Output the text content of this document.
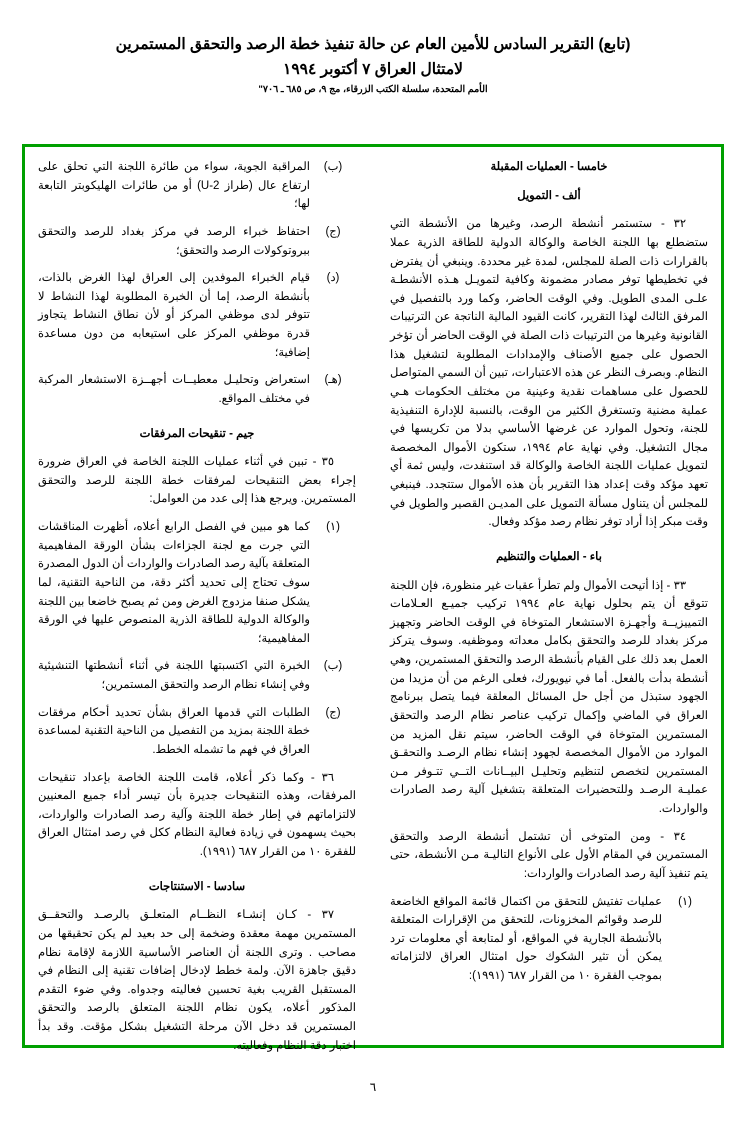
(تابع) التقرير السادس للأمين العام عن حالة تنفيذ خطة الرصد والتحقق المستمرين
لامتثال العراق ٧ أكتوبر ١٩٩٤
الأمم المتحدة، سلسلة الكتب الزرقاء، مج ٩، ص ٦٨٥ ـ ٧٠٦"
خامسا - العمليات المقبلة
ألف - التمويل

٣٢ - ستستمر أنشطة الرصد، وغيرها من الأنشطة التي ستضطلع بها اللجنة الخاصة والوكالة الدولية للطاقة الذرية عملا بالقرارات ذات الصلة للمجلس، لمدة غير محددة. وينبغي أن يفترض في تخطيطها توفر مصادر مضمونة وكافية لتمويـل هـذه الأنشطـة علـى المدى الطويل. وفي الوقت الحاضر، وكما ورد بالتفصيل في المرفق الثالث لهذا التقرير، كانت القيود المالية الناتجة عن الترتيبات القانونية وغيرها من الترتيبات ذات الصلة في الوقت الحاضر أن تؤخر الحصول على جميع الأصناف والإمدادات المطلوبة لتشغيل هذا النظام. وبصرف النظر عن هذه الاعتبارات، تبين أن السمي المتواصل للحصول على مساهمات نقدية وعينية من مختلف الحكومات هـي عملية مضنية وتستغرق الكثير من الوقت، بالنسبة للإدارة التنفيذية للجنة، وتحول الموارد عن غرضها الأساسي بدلا من تكريسها في مجال التشغيل. وفي نهاية عام ١٩٩٤، ستكون الأموال المخصصة لتمويل عمليات اللجنة الخاصة والوكالة قد استنفدت، وليس ثمة أي تعهد مؤكد وقت إعداد هذا التقرير بأن هذه الأموال ستتجدد. فينبغي للمجلس أن يتناول مسألة التمويل على المديـن القصير والطويل في وقت مبكر إذا أراد توفر نظام رصد مؤكد وفعال.

باء - العمليات والتنظيم

٣٣ - إذا أتيحت الأموال ولم تطرأ عقبات غير منظورة، فإن اللجنة تتوقع أن يتم بحلول نهاية عام ١٩٩٤ تركيب جميـع العـلامات التمييزيــة وأجهـزة الاستشعار المتوخاة في الوقت الحاضر وتجهيز مركز بغداد للرصد والتحقق بكامل معداته وموظفيه. وسوف يتركز العمل بعد ذلك على القيام بأنشطة الرصد والتحقق المستمرين، وهي أنشطة بدأت بالفعل. أما في نيويورك، فعلى الرغم من أن مزيدا من الجهود ستبذل من أجل حل المسائل المعلقة فيما يتصل ببرنامج العراق في الماضي وإكمال تركيب عناصر نظام الرصد والتحقق المستمرين المتوخاة في الوقت الحاضر، سيتم نقل المزيد من الموارد من الأموال المخصصة لجهود إنشاء نظام الرصـد والتحقـق المستمرين لتخصص لتنظيم وتحليـل البيــانات التــي تتـوفر مـن عمليـة الرصـد وللتحضيرات المتعلقة بتشغيل آلية رصد الصادرات والواردات.

٣٤ - ومن المتوخى أن تشتمل أنشطة الرصد والتحقق المستمرين في المقام الأول على الأنواع التاليـة مـن الأنشطة، حتى يتم تنفيذ آلية رصد الصادرات والواردات:

(١)
عمليات تفتيش للتحقق من اكتمال قائمة المواقع الخاضعة للرصد وقوائم المخزونات، للتحقق من الإقرارات المتعلقة بالأنشطة الجارية في المواقع، أو لمتابعة أي معلومات ترد يمكن أن تثير الشكوك حول امتثال العراق لالتزاماته بموجب الفقرة ١٠ من القرار ٦٨٧ (١٩٩١):
(ب)
المراقبة الجوية، سواء من طائرة اللجنة التي تحلق على ارتفاع عال (طراز U-2) أو من طائرات الهليكوبتر التابعة لها؛
(ج)
احتفاظ خبراء الرصد في مركز بغداد للرصد والتحقق ببروتوكولات الرصد والتحقق؛
(د)
قيام الخبراء الموفدين إلى العراق لهذا الغرض بالذات، بأنشطة الرصد، إما أن الخبرة المطلوبة لهذا النشاط لا تتوفر لدى موظفي المركز أو لأن نطاق النشاط يتجاوز قدرة موظفي المركز على استيعابه من دون مساعدة إضافية؛
(هـ)
استعراض وتحليـل معطيــات أجهــزة الاستشعار المركبة في مختلف المواقع.
جيم - تنقيحات المرفقات

٣٥ - تبين في أثناء عمليات اللجنة الخاصة في العراق ضرورة إجراء بعض التنقيحات لمرفقات خطة اللجنة للرصد والتحقق المستمرين. ويرجع هذا إلى عدد من العوامل:

(١)
كما هو مبين في الفصل الرابع أعلاه، أظهرت المناقشات التي جرت مع لجنة الجزاءات بشأن الورقة المفاهيمية المتعلقة بآلية رصد الصادرات والواردات أن الدول المصدرة سوف تحتاج إلى تحديد أكثر دقة، من الناحية التقنية، لما يشكل صنفا مزدوج الغرض ومن ثم يصبح خاضعا بين اللجنة والوكالة الدولية للطاقة الذرية المنصوص عليها في الورقة المفاهيمية؛
(ب)
الخبرة التي اكتسبتها اللجنة في أثناء أنشطتها التنشيئية وفي إنشاء نظام الرصد والتحقق المستمرين؛
(ج)
الطلبات التي قدمها العراق بشأن تحديد أحكام مرفقات خطة اللجنة بمزيد من التفصيل من الناحية التقنية لمساعدة العراق في فهم ما تشمله الخطط.

٣٦ - وكما ذكر أعلاه، قامت اللجنة الخاصة بإعداد تنقيحات المرفقات، وهذه التنقيحات جديرة بأن تيسر أداء جميع المعنيين لالتزاماتهم في إطار خطة اللجنة وآلية رصد الصادرات والواردات، بحيث يسهمون في زيادة فعالية النظام ككل في رصد امتثال العراق للفقرة ١٠ من القرار ٦٨٧ (١٩٩١).

سادسا - الاستنتاجات

٣٧ - كـان إنشـاء النظــام المتعلـق بالرصـد والتحقــق المستمرين مهمة معقدة وضخمة إلى حد بعيد لم يكن تحقيقها من مصاحب . وترى اللجنة أن العناصر الأساسية اللازمة لإقامة نظام دقيق جاهزة الآن. ولمة خطط لإدخال إضافات تقنية إلى النظام في المستقبل القريب بغية تحسين فعاليته وجدواه. وفي ضوء التقدم المذكور أعلاه، يكون نظام اللجنة المتعلق بالرصد والتحقق المستمرين قد دخل الآن مرحلة التشغيل بشكل مؤقت. وقد بدأ اختبار دقة النظام وفعاليته.

٦
